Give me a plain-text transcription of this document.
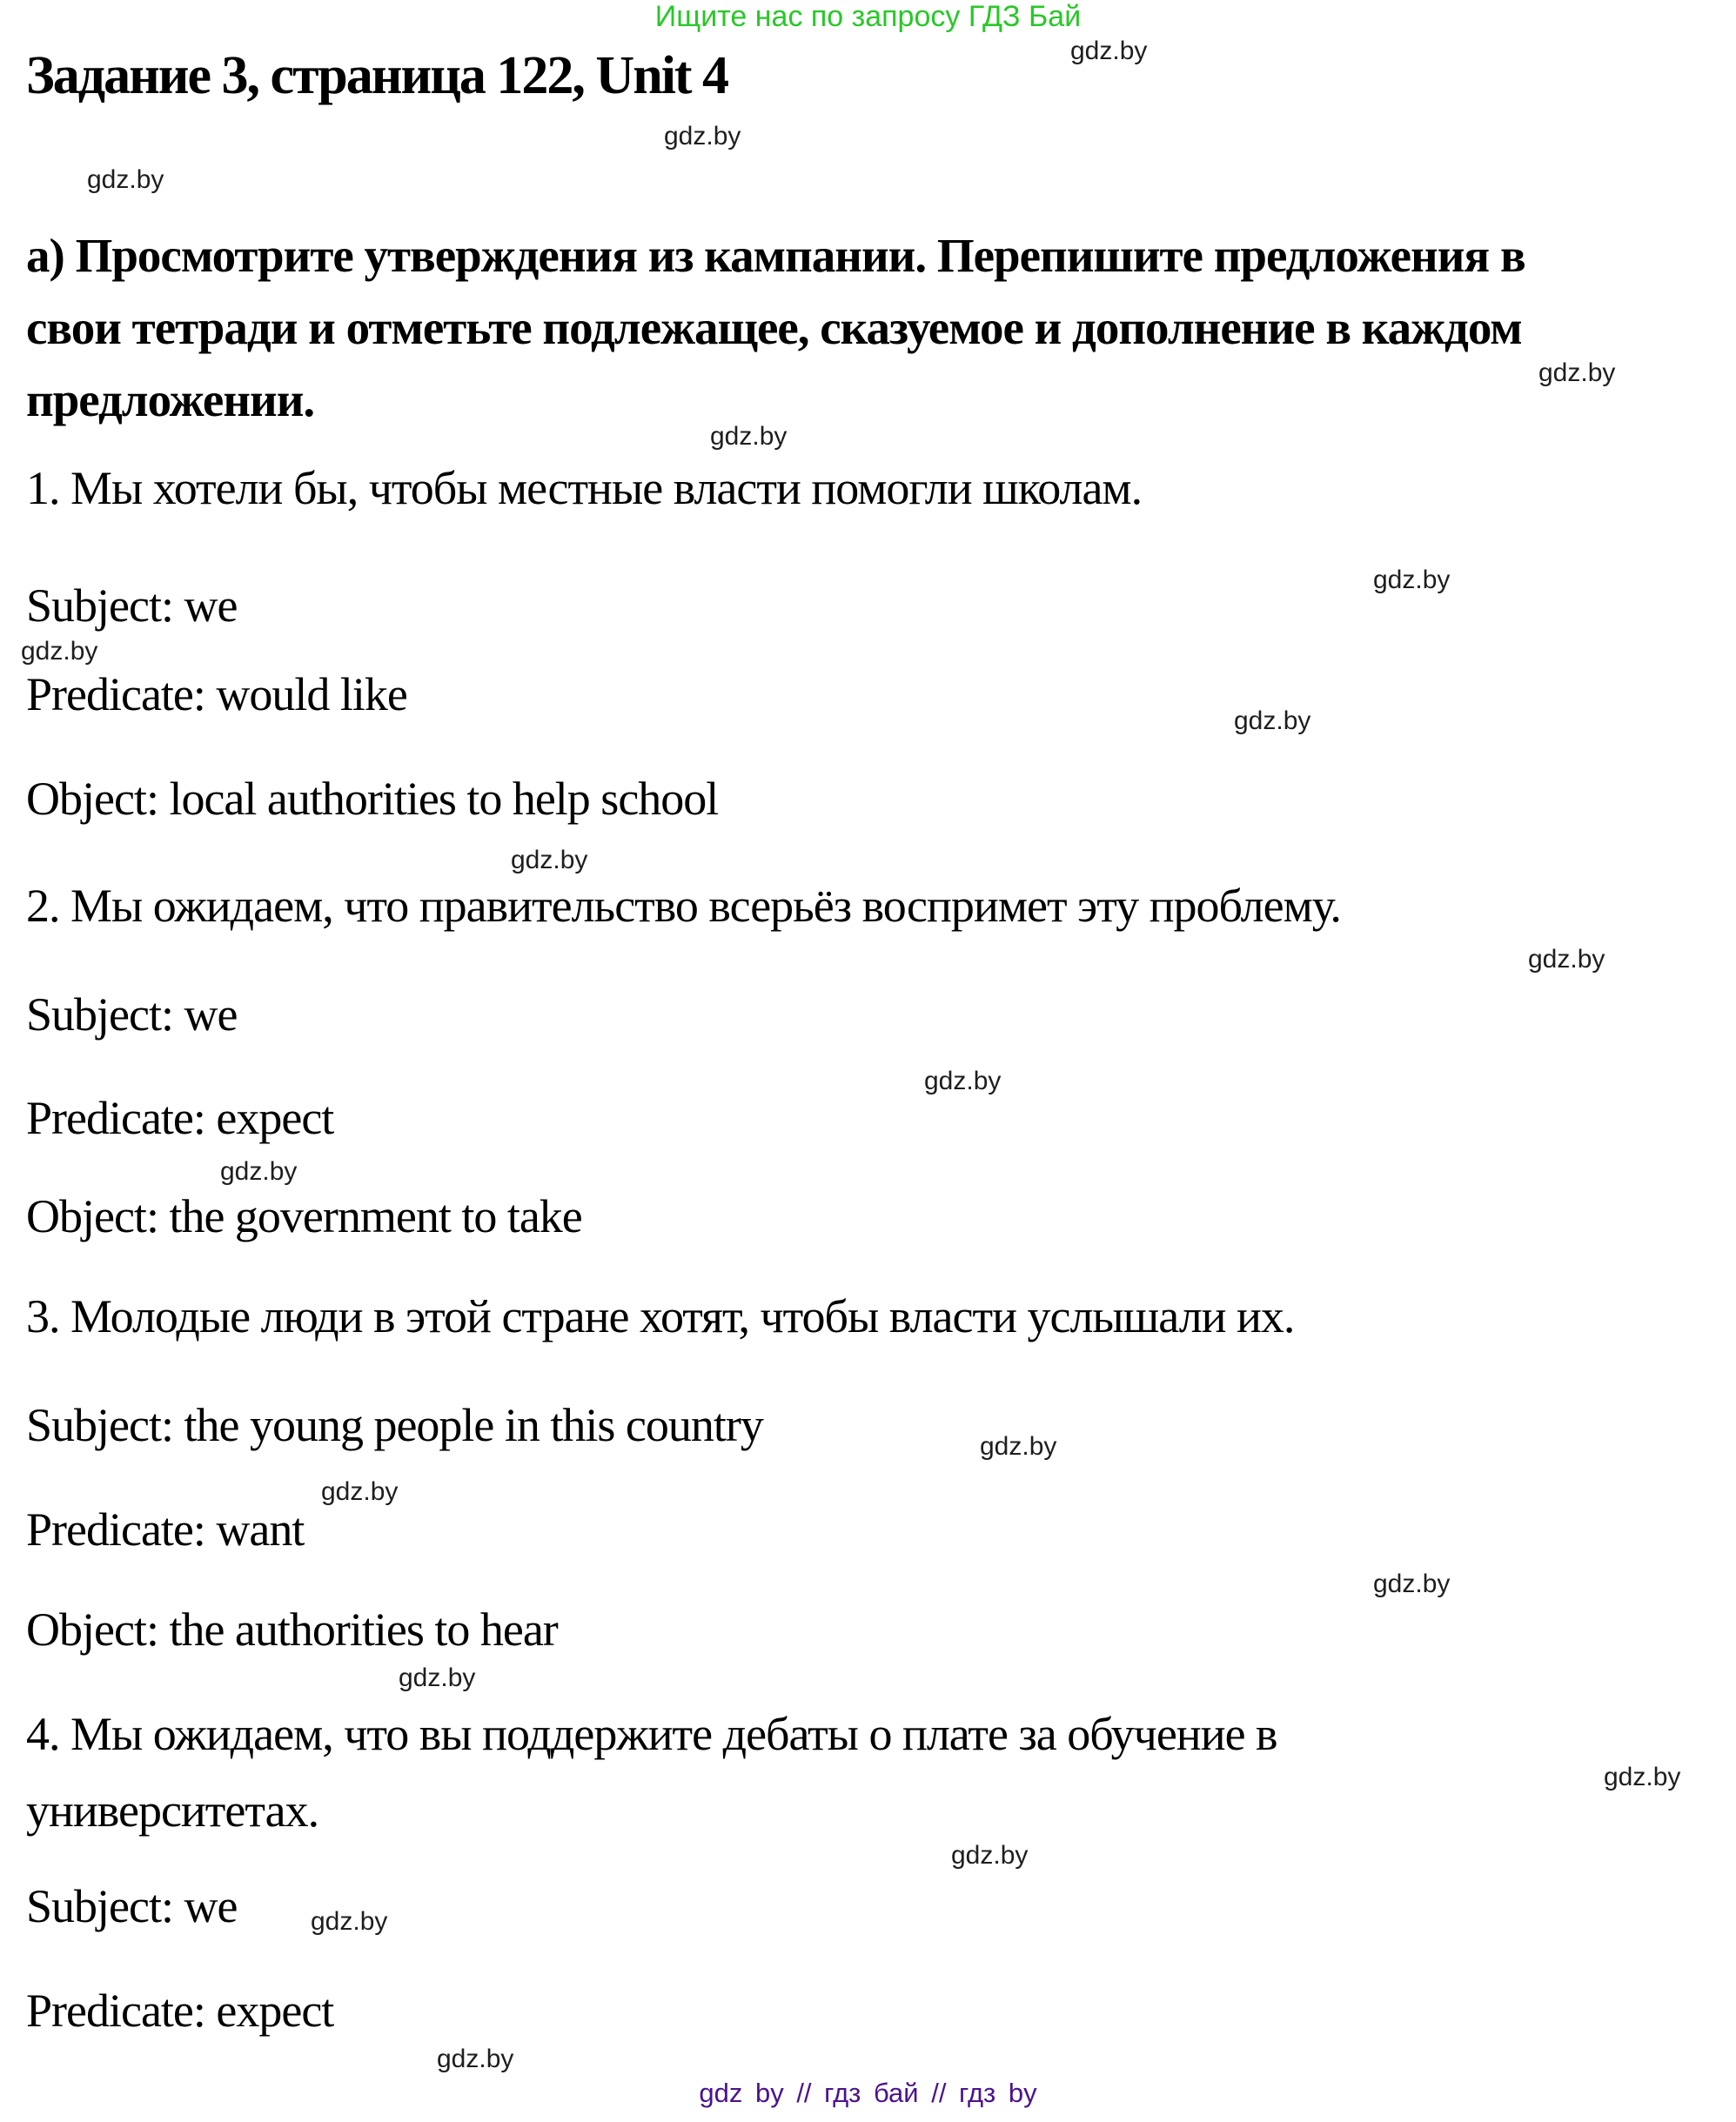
Ищите нас по запросу ГДЗ Бай
Задание 3, страница 122, Unit 4
а) Просмотрите утверждения из кампании. Перепишите предложения в
свои тетради и отметьте подлежащее, сказуемое и дополнение в каждом
предложении.
1. Мы хотели бы, чтобы местные власти помогли школам.
Subject: we
Predicate: would like
Object: local authorities to help school
2. Мы ожидаем, что правительство всерьёз воспримет эту проблему.
Subject: we
Predicate: expect
Object: the government to take
3. Молодые люди в этой стране хотят, чтобы власти услышали их.
Subject: the young people in this country
Predicate: want
Object: the authorities to hear
4. Мы ожидаем, что вы поддержите дебаты о плате за обучение в
университетах.
Subject: we
Predicate: expect
gdz by // гдз бай // гдз by
gdz.by
gdz.by
gdz.by
gdz.by
gdz.by
gdz.by
gdz.by
gdz.by
gdz.by
gdz.by
gdz.by
gdz.by
gdz.by
gdz.by
gdz.by
gdz.by
gdz.by
gdz.by
gdz.by
gdz.by
